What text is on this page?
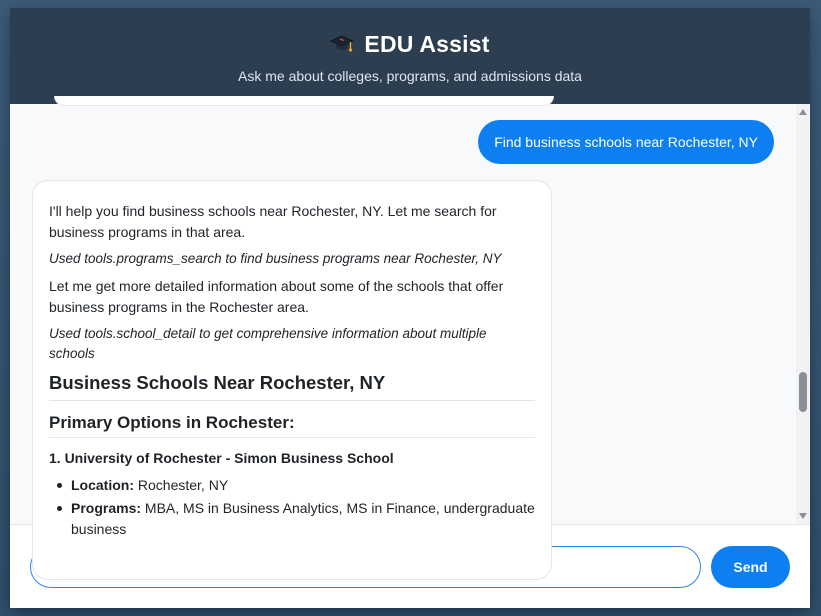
EDU Assist
Ask me about colleges, programs, and admissions data
Find business schools near Rochester, NY

I'll help you find business schools near Rochester, NY. Let me search for business programs in that area.

Used tools.programs_search to find business programs near Rochester, NY

Let me get more detailed information about some of the schools that offer business programs in the Rochester area.

Used tools.school_detail to get comprehensive information about multiple schools

Business Schools Near Rochester, NY
Primary Options in Rochester:
1. University of Rochester - Simon Business School
Location: Rochester, NY
Programs: MBA, MS in Business Analytics, MS in Finance, undergraduate business
Ask about colleges, programs, costs, or admissions...
Send
